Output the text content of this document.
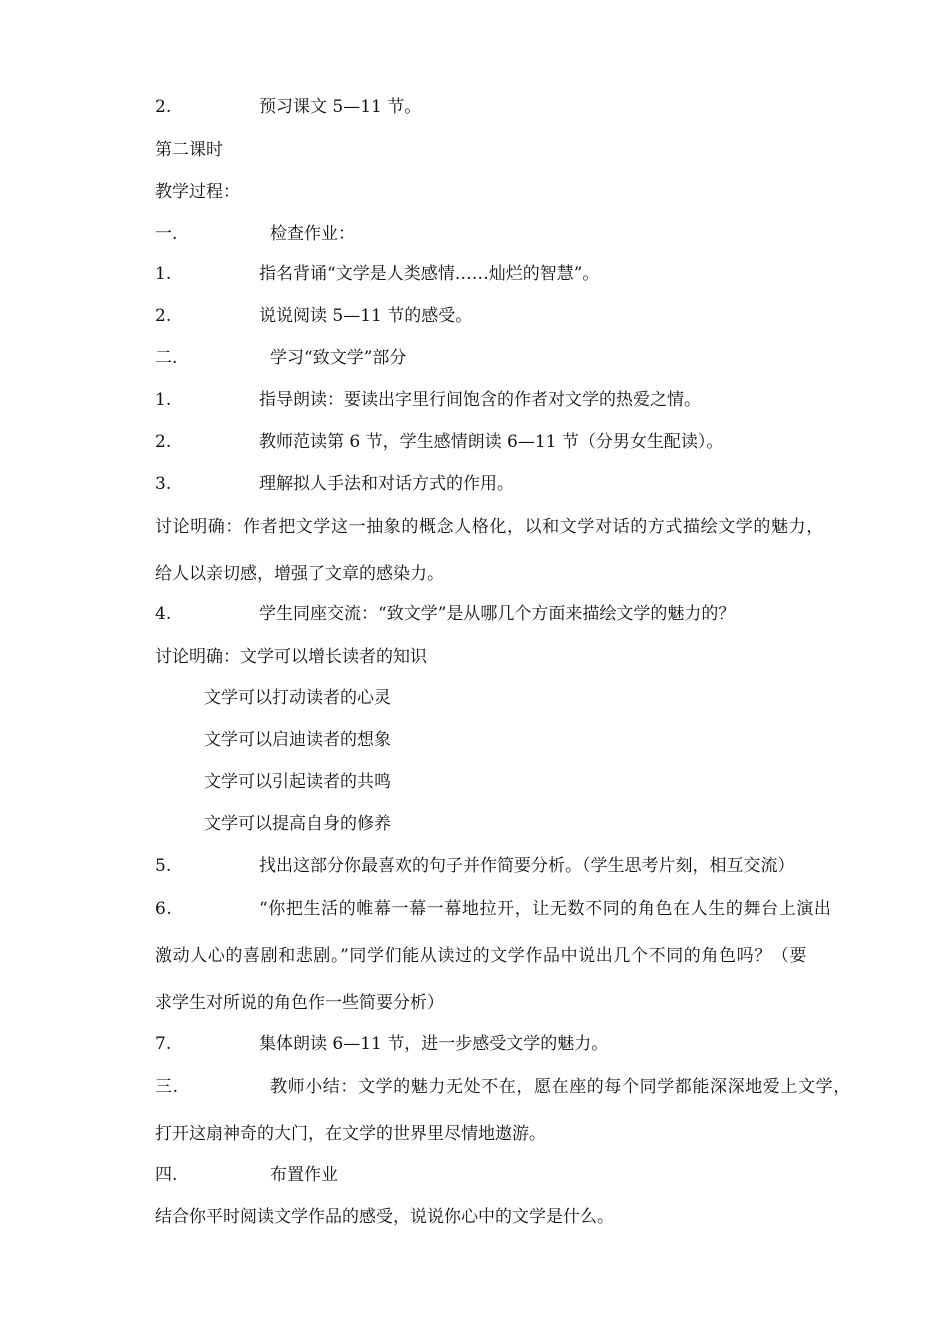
2.	预习课文 5—11 节。
第二课时
教学过程：
一.	检查作业：
1.	指名背诵“文学是人类感情……灿烂的智慧”。
2.	说说阅读 5—11 节的感受。
二.	学习“致文学”部分
1.	指导朗读：要读出字里行间饱含的作者对文学的热爱之情。
2.	教师范读第 6 节，学生感情朗读 6—11 节（分男女生配读）。
3.	理解拟人手法和对话方式的作用。
讨论明确：作者把文学这一抽象的概念人格化，以和文学对话的方式描绘文学的魅力，
给人以亲切感，增强了文章的感染力。
4.	学生同座交流：“致文学”是从哪几个方面来描绘文学的魅力的？
讨论明确：文学可以增长读者的知识
文学可以打动读者的心灵
文学可以启迪读者的想象
文学可以引起读者的共鸣
文学可以提高自身的修养
5.	找出这部分你最喜欢的句子并作简要分析。（学生思考片刻，相互交流）
6.	“你把生活的帷幕一幕一幕地拉开，让无数不同的角色在人生的舞台上演出
激动人心的喜剧和悲剧。”同学们能从读过的文学作品中说出几个不同的角色吗？（要
求学生对所说的角色作一些简要分析）
7.	集体朗读 6—11 节，进一步感受文学的魅力。
三.	教师小结：文学的魅力无处不在，愿在座的每个同学都能深深地爱上文学，
打开这扇神奇的大门，在文学的世界里尽情地遨游。
四.	布置作业
结合你平时阅读文学作品的感受，说说你心中的文学是什么。
